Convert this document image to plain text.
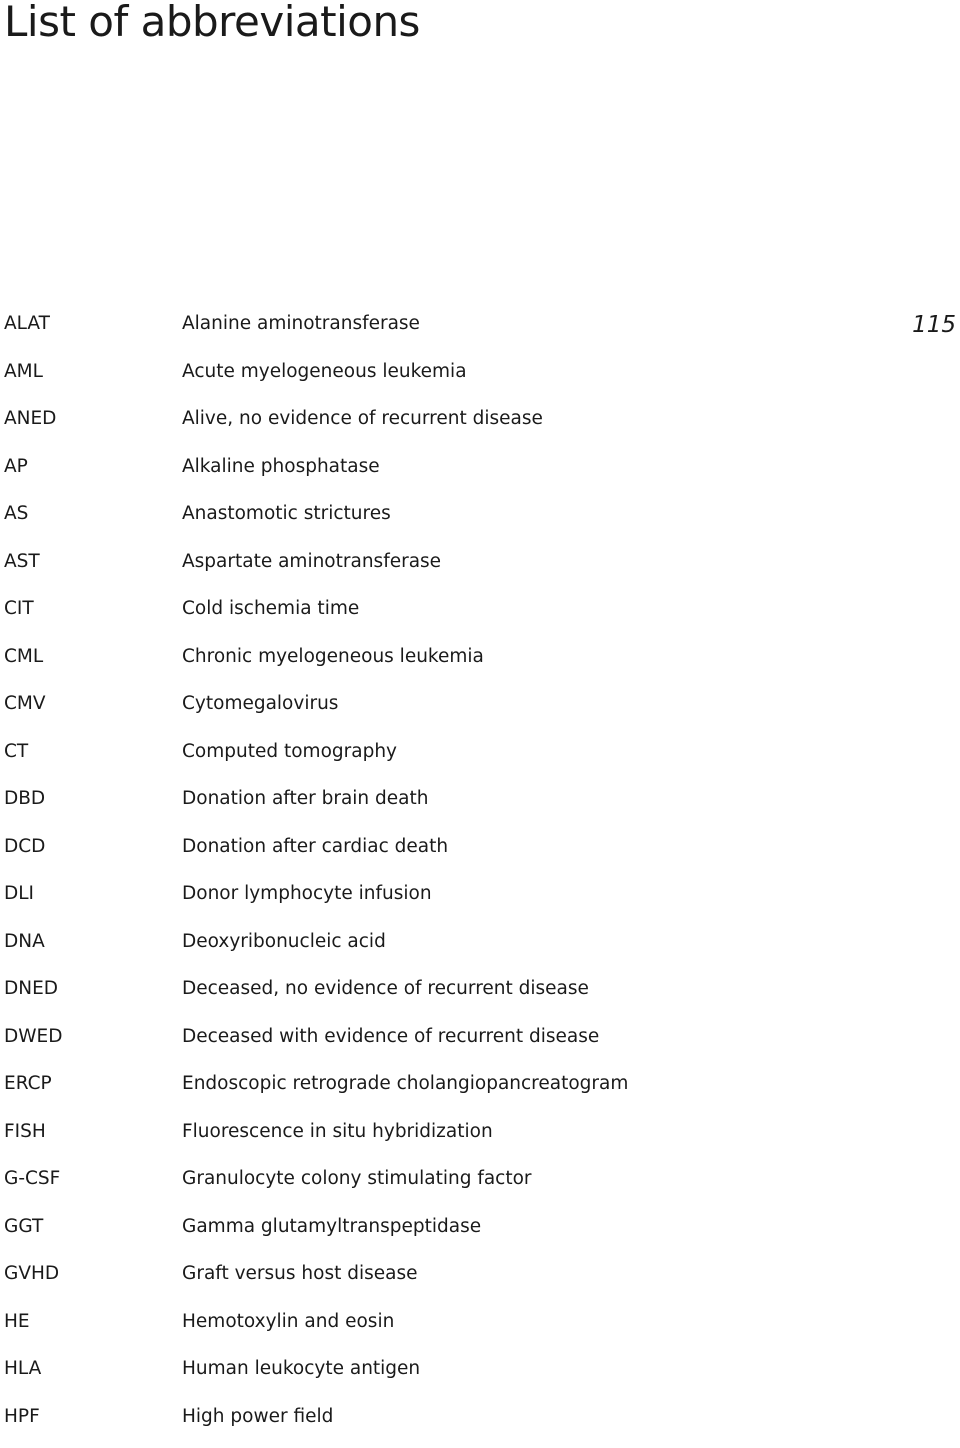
List of abbreviations
115
ALAT	Alanine aminotransferase
AML	Acute myelogeneous leukemia
ANED	Alive, no evidence of recurrent disease
AP	Alkaline phosphatase
AS	Anastomotic strictures
AST	Aspartate aminotransferase
CIT	Cold ischemia time
CML	Chronic myelogeneous leukemia
CMV	Cytomegalovirus
CT	Computed tomography
DBD	Donation after brain death
DCD	Donation after cardiac death
DLI	Donor lymphocyte infusion
DNA	Deoxyribonucleic acid
DNED	Deceased, no evidence of recurrent disease
DWED	Deceased with evidence of recurrent disease
ERCP	Endoscopic retrograde cholangiopancreatogram
FISH	Fluorescence in situ hybridization
G-CSF	Granulocyte colony stimulating factor
GGT	Gamma glutamyltranspeptidase
GVHD	Graft versus host disease
HE	Hemotoxylin and eosin
HLA	Human leukocyte antigen
HPF	High power field
